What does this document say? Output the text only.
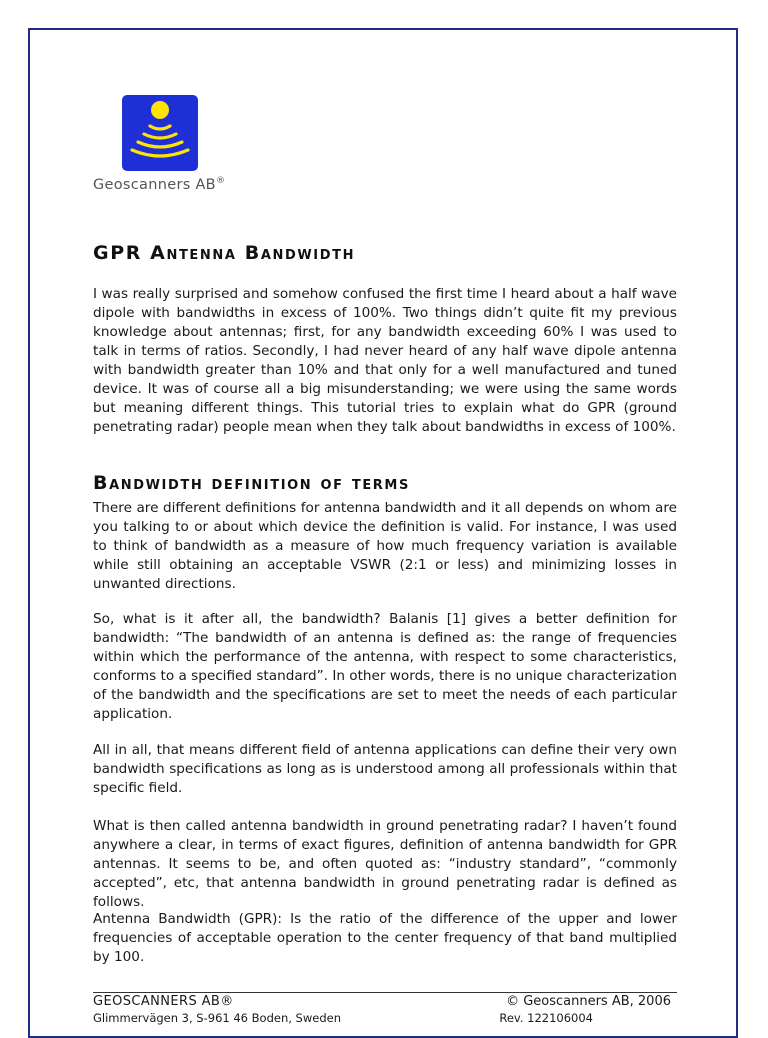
Geoscanners AB®
GPR Antenna Bandwidth

I was really surprised and somehow confused the first time I heard about a half wave dipole with bandwidths in excess of 100%. Two things didn’t quite fit my previous knowledge about antennas; first, for any bandwidth exceeding 60% I was used to talk in terms of ratios. Secondly, I had never heard of any half wave dipole antenna with bandwidth greater than 10% and that only for a well manufactured and tuned device. It was of course all a big misunderstanding; we were using the same words but meaning different things. This tutorial tries to explain what do GPR (ground penetrating radar) people mean when they talk about bandwidths in excess of 100%.

Bandwidth definition of terms

There are different definitions for antenna bandwidth and it all depends on whom are you talking to or about which device the definition is valid. For instance, I was used to think of bandwidth as a measure of how much frequency variation is available while still obtaining an acceptable VSWR (2:1 or less) and minimizing losses in unwanted directions.

So, what is it after all, the bandwidth? Balanis [1] gives a better definition for bandwidth: “The bandwidth of an antenna is defined as: the range of frequencies within which the performance of the antenna, with respect to some characteristics, conforms to a specified standard”. In other words, there is no unique characterization of the bandwidth and the specifications are set to meet the needs of each particular application.

All in all, that means different field of antenna applications can define their very own bandwidth specifications as long as is understood among all professionals within that specific field.

What is then called antenna bandwidth in ground penetrating radar? I haven’t found anywhere a clear, in terms of exact figures, definition of antenna bandwidth for GPR antennas. It seems to be, and often quoted as: “industry standard”, “commonly accepted”, etc, that antenna bandwidth in ground penetrating radar is defined as follows.

Antenna Bandwidth (GPR): Is the ratio of the difference of the upper and lower frequencies of acceptable operation to the center frequency of that band multiplied by 100.

GEOSCANNERS AB®
Glimmervägen 3, S-961 46 Boden, Sweden
© Geoscanners AB, 2006
Rev. 122106004
